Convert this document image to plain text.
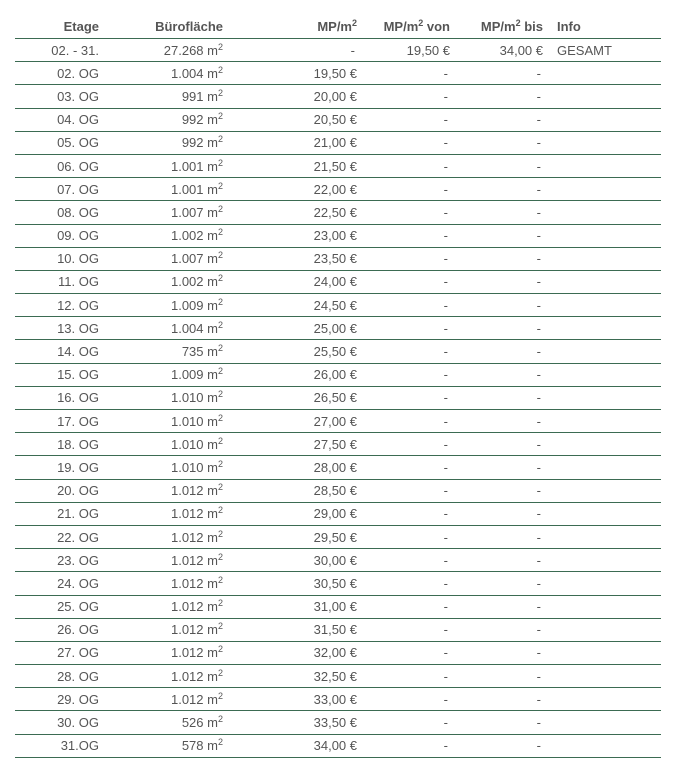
Etage	Bürofläche	$MP/m^2$	$MP/m^2$ von	$MP/m^2$ bis	Info
02. - 31.	27.268 $m^2$	-	19,50 €	34,00 €	GESAMT
02. OG	1.004 $m^2$	19,50 €	-	-	
03. OG	991 $m^2$	20,00 €	-	-	
04. OG	992 $m^2$	20,50 €	-	-	
05. OG	992 $m^2$	21,00 €	-	-	
06. OG	1.001 $m^2$	21,50 €	-	-	
07. OG	1.001 $m^2$	22,00 €	-	-	
08. OG	1.007 $m^2$	22,50 €	-	-	
09. OG	1.002 $m^2$	23,00 €	-	-	
10. OG	1.007 $m^2$	23,50 €	-	-	
11. OG	1.002 $m^2$	24,00 €	-	-	
12. OG	1.009 $m^2$	24,50 €	-	-	
13. OG	1.004 $m^2$	25,00 €	-	-	
14. OG	735 $m^2$	25,50 €	-	-	
15. OG	1.009 $m^2$	26,00 €	-	-	
16. OG	1.010 $m^2$	26,50 €	-	-	
17. OG	1.010 $m^2$	27,00 €	-	-	
18. OG	1.010 $m^2$	27,50 €	-	-	
19. OG	1.010 $m^2$	28,00 €	-	-	
20. OG	1.012 $m^2$	28,50 €	-	-	
21. OG	1.012 $m^2$	29,00 €	-	-	
22. OG	1.012 $m^2$	29,50 €	-	-	
23. OG	1.012 $m^2$	30,00 €	-	-	
24. OG	1.012 $m^2$	30,50 €	-	-	
25. OG	1.012 $m^2$	31,00 €	-	-	
26. OG	1.012 $m^2$	31,50 €	-	-	
27. OG	1.012 $m^2$	32,00 €	-	-	
28. OG	1.012 $m^2$	32,50 €	-	-	
29. OG	1.012 $m^2$	33,00 €	-	-	
30. OG	526 $m^2$	33,50 €	-	-	
31.OG	578 $m^2$	34,00 €	-	-	
